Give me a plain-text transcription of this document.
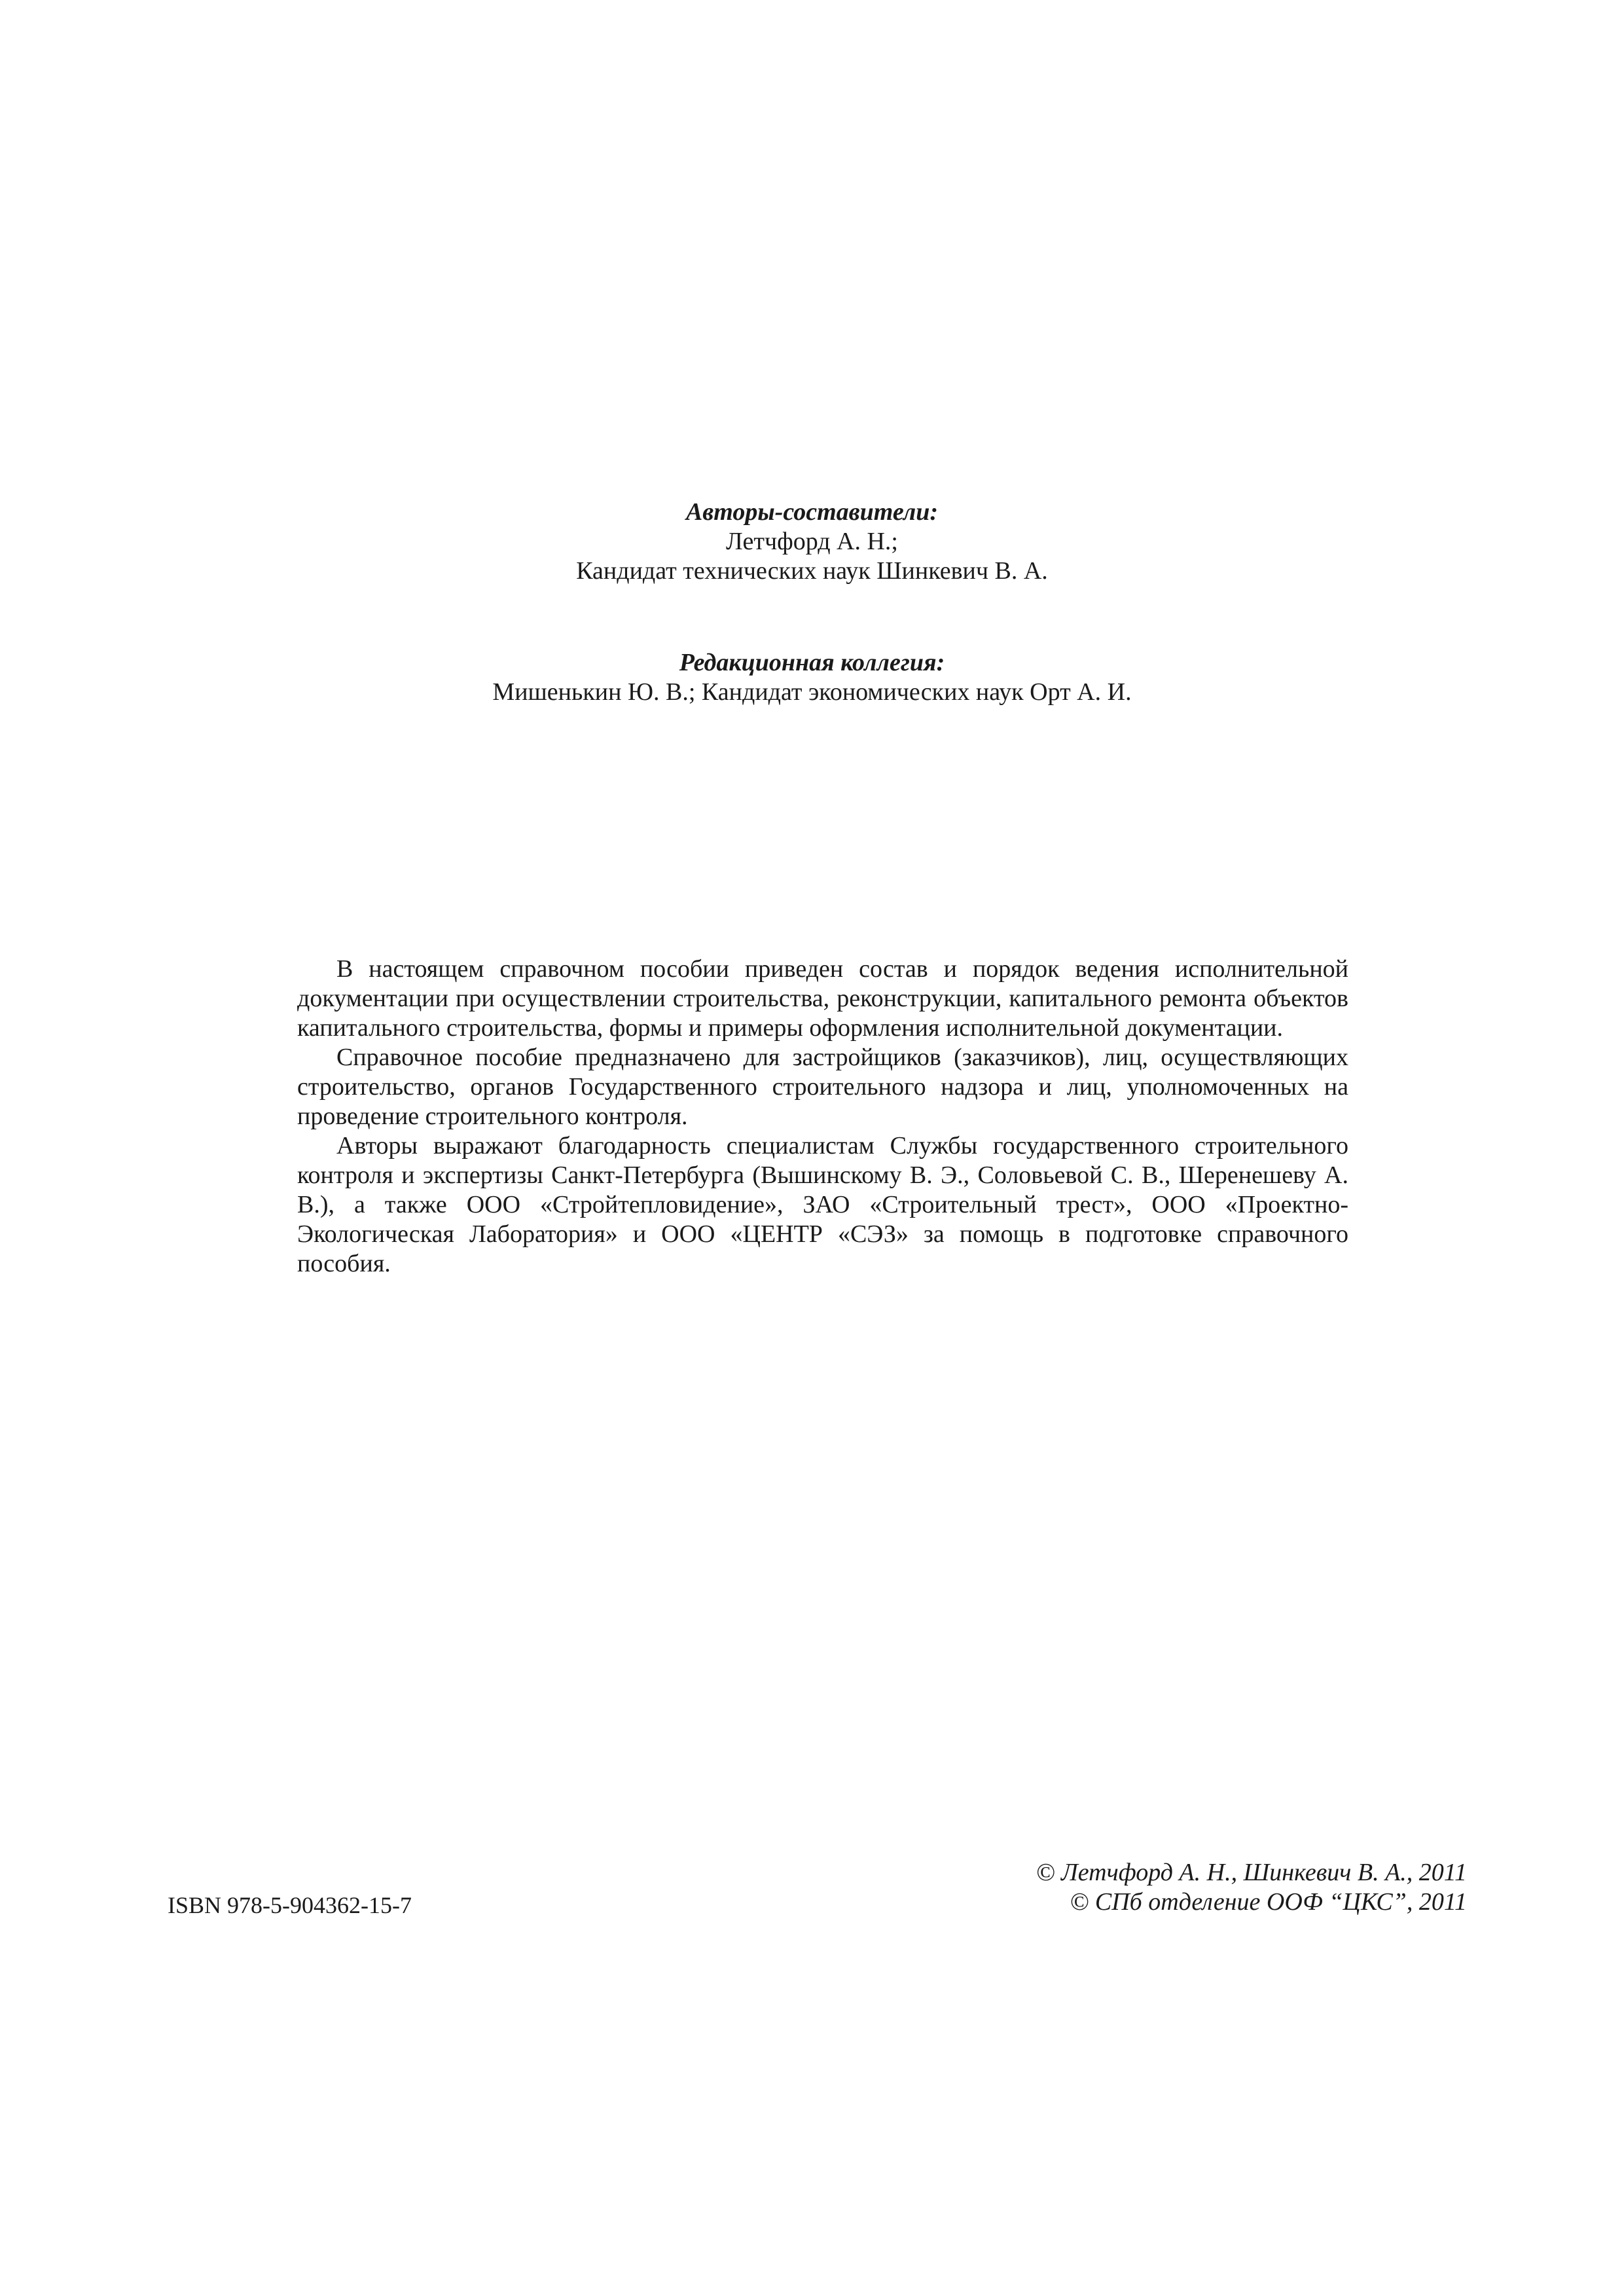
Авторы-составители:
Летчфорд А. Н.;
Кандидат технических наук Шинкевич В. А.
Редакционная коллегия:
Мишенькин Ю. В.; Кандидат экономических наук Орт А. И.

В настоящем справочном пособии приведен состав и порядок ведения исполнительной документации при осуществлении строительства, реконструкции, капитального ремонта объектов капитального строительства, формы и примеры оформления исполнительной документации.

Справочное пособие предназначено для застройщиков (заказчиков), лиц, осуществляющих строительство, органов Государственного строительного надзора и лиц, уполномоченных на проведение строительного контроля.

Авторы выражают благодарность специалистам Службы государственного строительного контроля и экспертизы Санкт-Петербурга (Вышинскому В. Э., Соловьевой С. В., Шеренешеву А. В.), а также ООО «Стройтепловидение», ЗАО «Строительный трест», ООО «Проектно-Экологическая Лаборатория» и ООО «ЦЕНТР «СЭЗ» за помощь в подготовке справочного пособия.

ISBN 978-5-904362-15-7
© Летчфорд А. Н., Шинкевич В. А., 2011
© СПб отделение ООФ “ЦКС”, 2011
